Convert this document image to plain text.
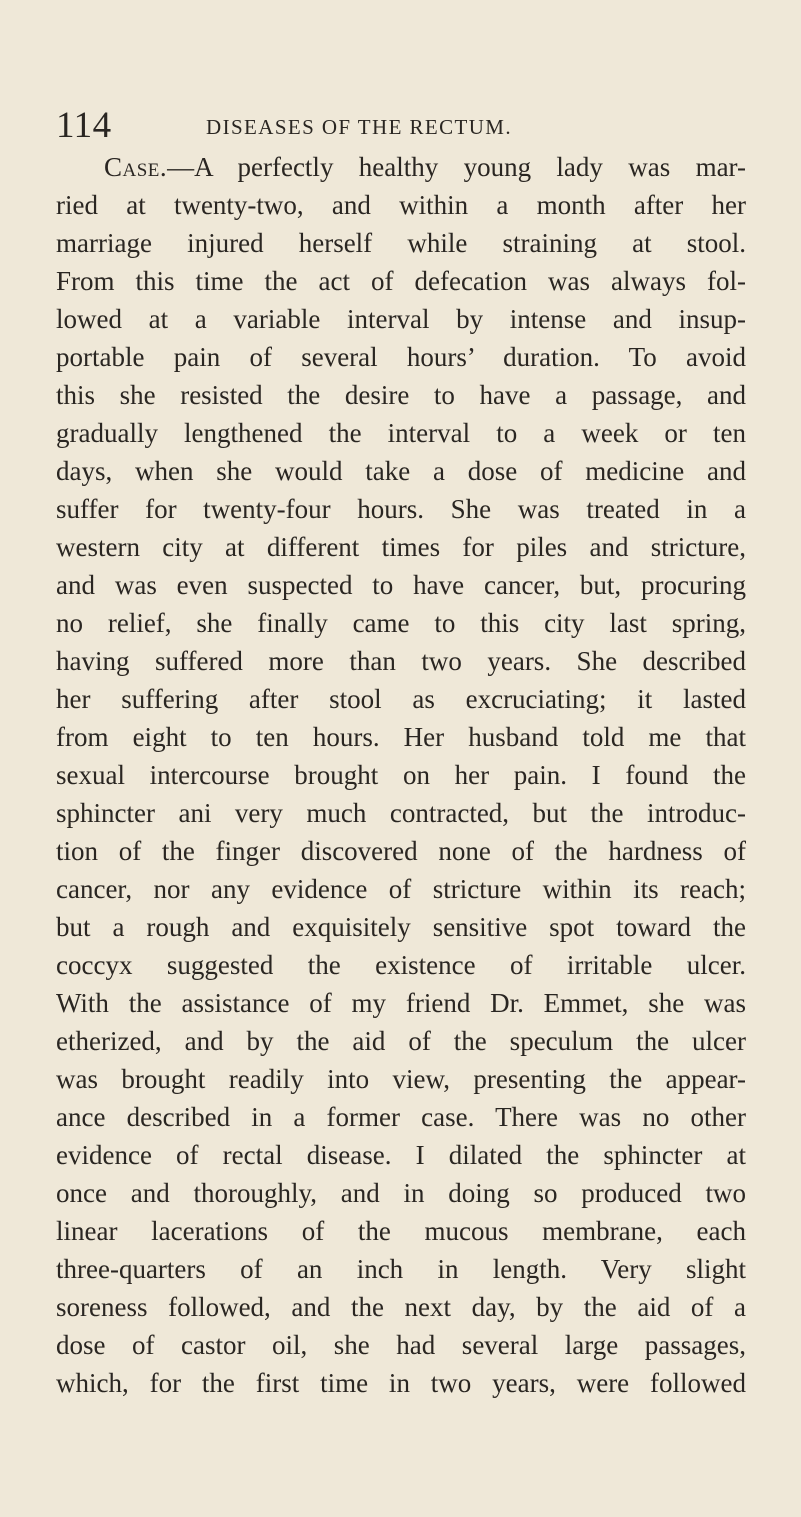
114	DISEASES OF THE RECTUM.
Case.—A perfectly healthy young lady was mar-
ried at twenty-two, and within a month after her
marriage injured herself while straining at stool.
From this time the act of defecation was always fol-
lowed at a variable interval by intense and insup-
portable pain of several hours’ duration. To avoid
this she resisted the desire to have a passage, and
gradually lengthened the interval to a week or ten
days, when she would take a dose of medicine and
suffer for twenty-four hours. She was treated in a
western city at different times for piles and stricture,
and was even suspected to have cancer, but, procuring
no relief, she finally came to this city last spring,
having suffered more than two years. She described
her suffering after stool as excruciating; it lasted
from eight to ten hours. Her husband told me that
sexual intercourse brought on her pain. I found the
sphincter ani very much contracted, but the introduc-
tion of the finger discovered none of the hardness of
cancer, nor any evidence of stricture within its reach;
but a rough and exquisitely sensitive spot toward the
coccyx suggested the existence of irritable ulcer.
With the assistance of my friend Dr. Emmet, she was
etherized, and by the aid of the speculum the ulcer
was brought readily into view, presenting the appear-
ance described in a former case. There was no other
evidence of rectal disease. I dilated the sphincter at
once and thoroughly, and in doing so produced two
linear lacerations of the mucous membrane, each
three-quarters of an inch in length. Very slight
soreness followed, and the next day, by the aid of a
dose of castor oil, she had several large passages,
which, for the first time in two years, were followed
